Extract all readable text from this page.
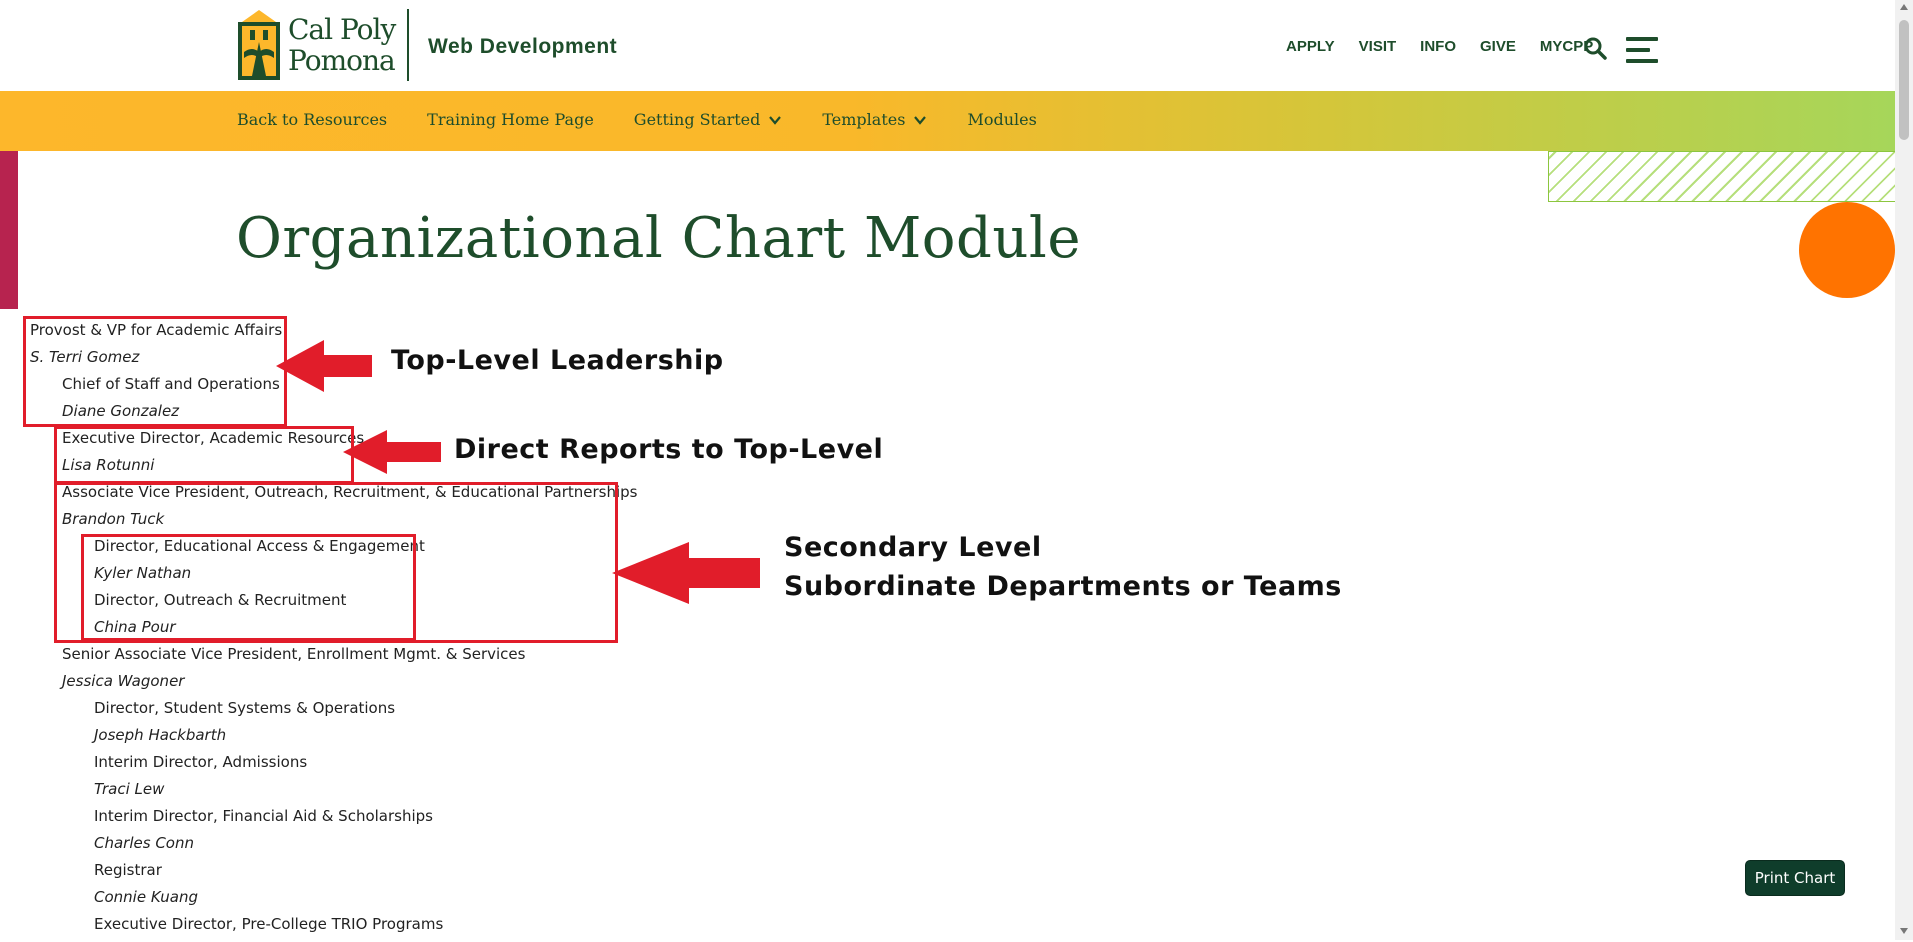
Cal Poly
Pomona Web Development	APPLY VISIT INFO GIVE MYCPP
Back to Resources	Training Home Page	Getting Started	Templates	Modules
Organizational Chart Module
Provost & VP for Academic Affairs
S. Terri Gomez
Chief of Staff and Operations
Diane Gonzalez
Executive Director, Academic Resources
Lisa Rotunni
Associate Vice President, Outreach, Recruitment, & Educational Partnerships
Brandon Tuck
Director, Educational Access & Engagement
Kyler Nathan
Director, Outreach & Recruitment
China Pour
Senior Associate Vice President, Enrollment Mgmt. & Services
Jessica Wagoner
Director, Student Systems & Operations
Joseph Hackbarth
Interim Director, Admissions
Traci Lew
Interim Director, Financial Aid & Scholarships
Charles Conn
Registrar
Connie Kuang
Executive Director, Pre-College TRIO Programs
Top-Level Leadership
Direct Reports to Top-Level
Secondary Level
Subordinate Departments or Teams
Print Chart
